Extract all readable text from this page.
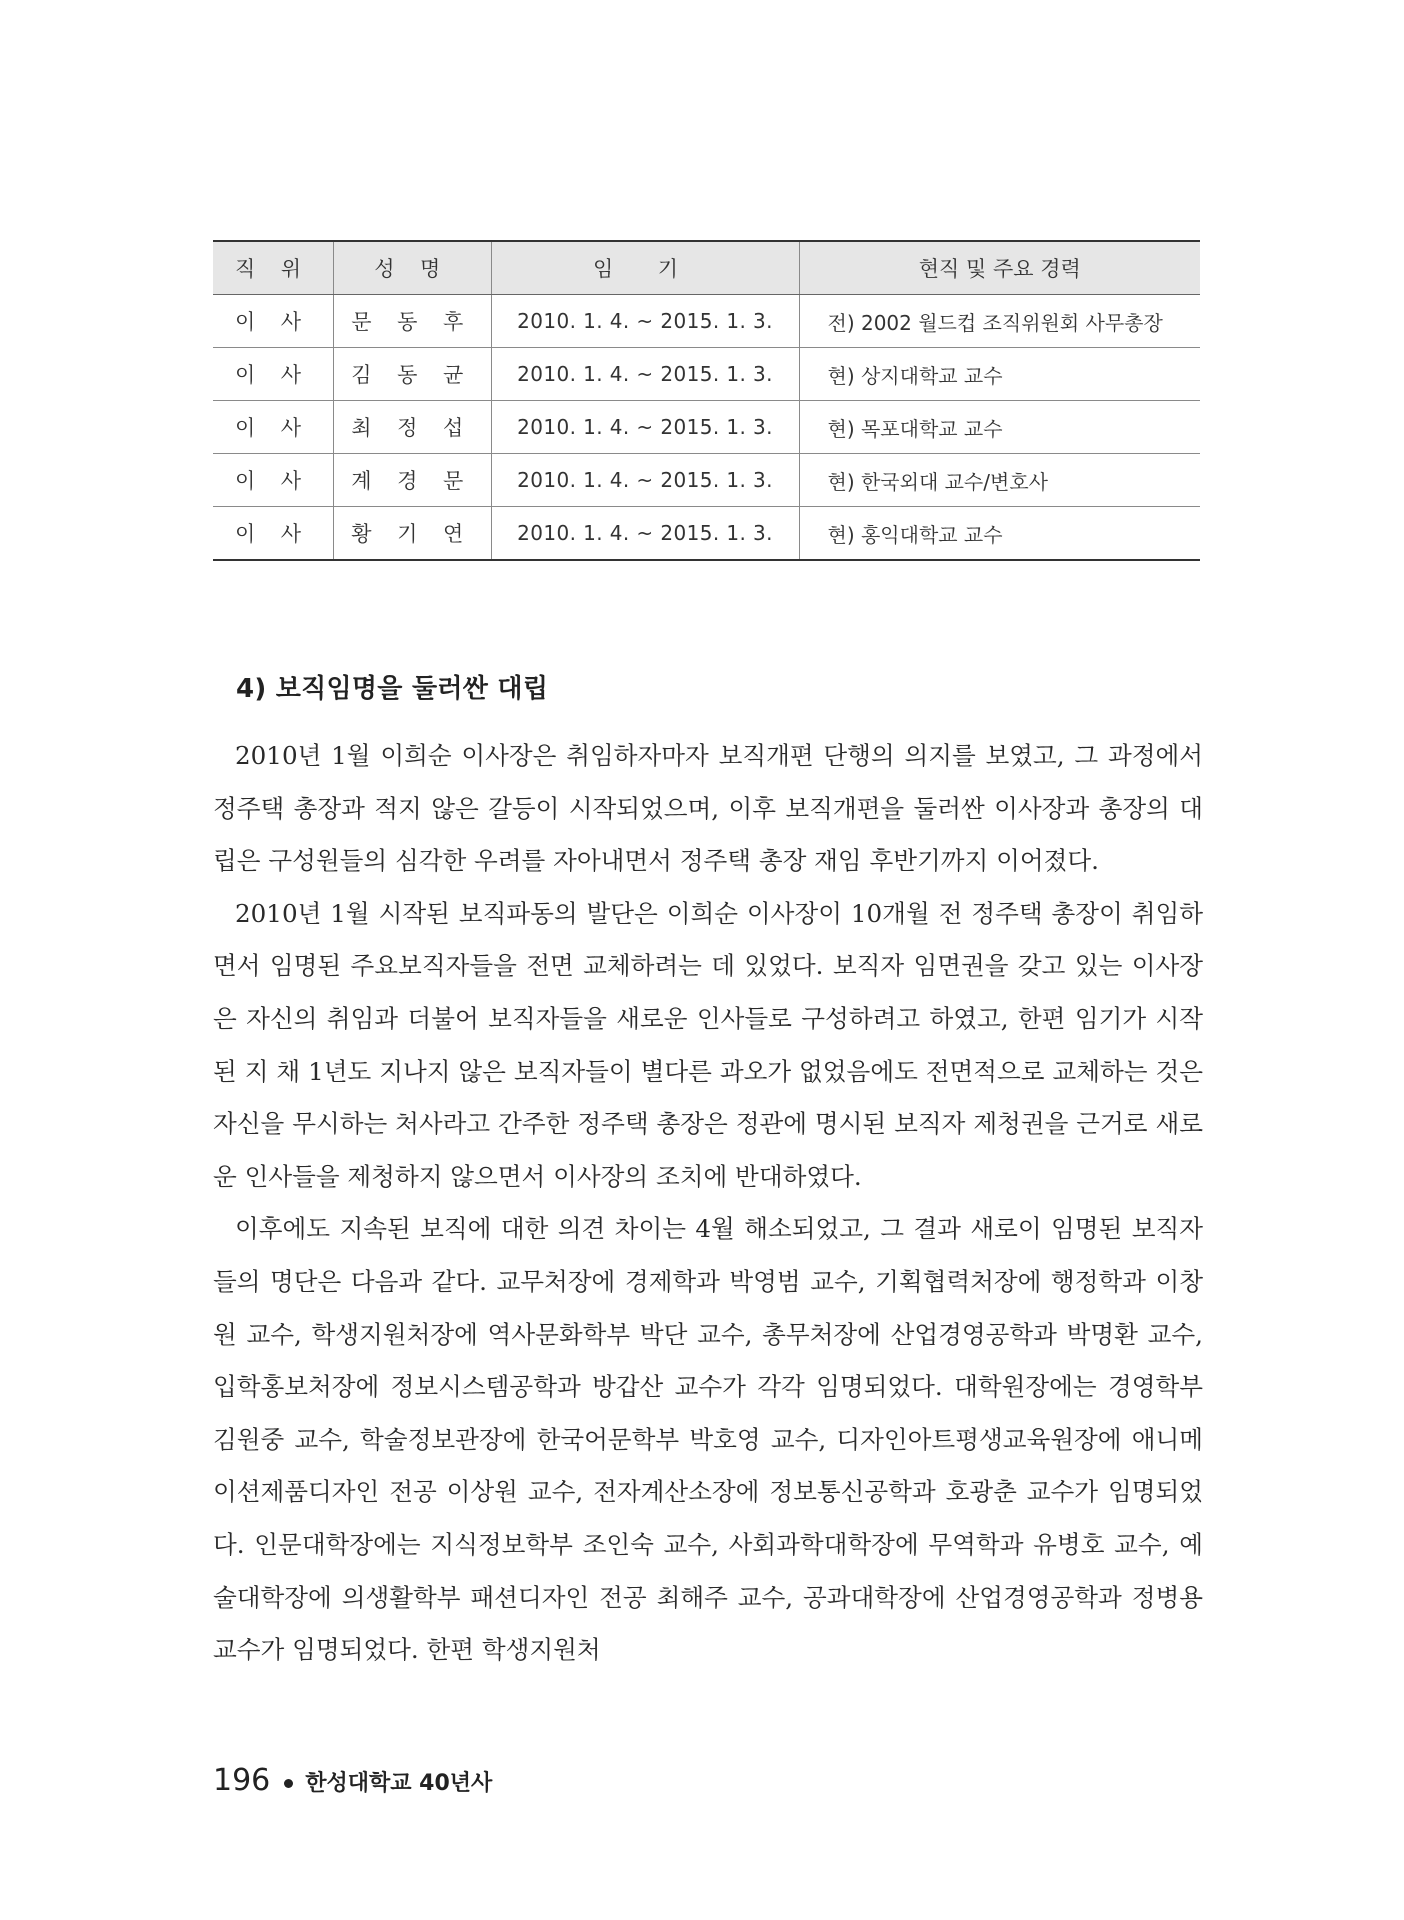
직 위	성 명	임 기	현직 및 주요 경력
이 사	문 동 후	2010. 1. 4. ~ 2015. 1. 3.	전) 2002 월드컵 조직위원회 사무총장
이 사	김 동 균	2010. 1. 4. ~ 2015. 1. 3.	현) 상지대학교 교수
이 사	최 정 섭	2010. 1. 4. ~ 2015. 1. 3.	현) 목포대학교 교수
이 사	계 경 문	2010. 1. 4. ~ 2015. 1. 3.	현) 한국외대 교수/변호사
이 사	황 기 연	2010. 1. 4. ~ 2015. 1. 3.	현) 홍익대학교 교수
4) 보직임명을 둘러싼 대립

2010년 1월 이희순 이사장은 취임하자마자 보직개편 단행의 의지를 보였고, 그 과정에서 정주택 총장과 적지 않은 갈등이 시작되었으며, 이후 보직개편을 둘러싼 이사장과 총장의 대립은 구성원들의 심각한 우려를 자아내면서 정주택 총장 재임 후반기까지 이어졌다.

2010년 1월 시작된 보직파동의 발단은 이희순 이사장이 10개월 전 정주택 총장이 취임하면서 임명된 주요보직자들을 전면 교체하려는 데 있었다. 보직자 임면권을 갖고 있는 이사장은 자신의 취임과 더불어 보직자들을 새로운 인사들로 구성하려고 하였고, 한편 임기가 시작된 지 채 1년도 지나지 않은 보직자들이 별다른 과오가 없었음에도 전면적으로 교체하는 것은 자신을 무시하는 처사라고 간주한 정주택 총장은 정관에 명시된 보직자 제청권을 근거로 새로운 인사들을 제청하지 않으면서 이사장의 조치에 반대하였다.

이후에도 지속된 보직에 대한 의견 차이는 4월 해소되었고, 그 결과 새로이 임명된 보직자들의 명단은 다음과 같다. 교무처장에 경제학과 박영범 교수, 기획협력처장에 행정학과 이창원 교수, 학생지원처장에 역사문화학부 박단 교수, 총무처장에 산업경영공학과 박명환 교수, 입학홍보처장에 정보시스템공학과 방갑산 교수가 각각 임명되었다. 대학원장에는 경영학부 김원중 교수, 학술정보관장에 한국어문학부 박호영 교수, 디자인아트평생교육원장에 애니메이션제품디자인 전공 이상원 교수, 전자계산소장에 정보통신공학과 호광춘 교수가 임명되었다. 인문대학장에는 지식정보학부 조인숙 교수, 사회과학대학장에 무역학과 유병호 교수, 예술대학장에 의생활학부 패션디자인 전공 최해주 교수, 공과대학장에 산업경영공학과 정병용 교수가 임명되었다. 한편 학생지원처

196 한성대학교 40년사
